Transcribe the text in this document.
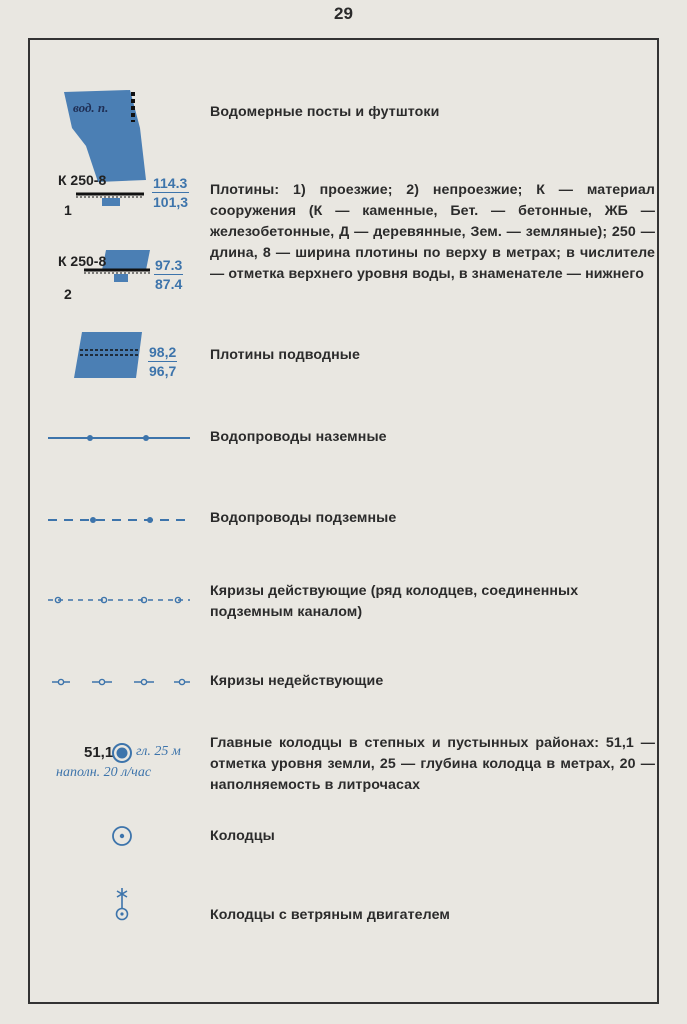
29
вод. п.	Водомерные посты и футштоки
К 250-8
1	$\frac{114.3}{101,3}$
К 250-8
2
$\frac{97.3}{87.4}$
Плотины: 1) проезжие; 2) непроезжие; К — материал сооружения (К — каменные, Бет. — бетонные, ЖБ — железобетонные, Д — деревянные, Зем. — земляные); 250 — длина, 8 — ширина плотины по верху в метрах; в числителе — отметка верхнего уровня воды, в знаменателе — нижнего
$\frac{98,2}{96,7}$ Плотины подводные
Водопроводы наземные
Водопроводы подземные
Кяризы действующие (ряд колодцев, соединенных подземным каналом)
Кяризы недействующие
51,1 гл. 25 м
наполн. 20 л/час
Главные колодцы в степных и пустынных районах: 51,1 — отметка уровня земли, 25 — глубина колодца в метрах, 20 — наполняемость в литрочасах
Колодцы
Колодцы с ветряным двигателем
